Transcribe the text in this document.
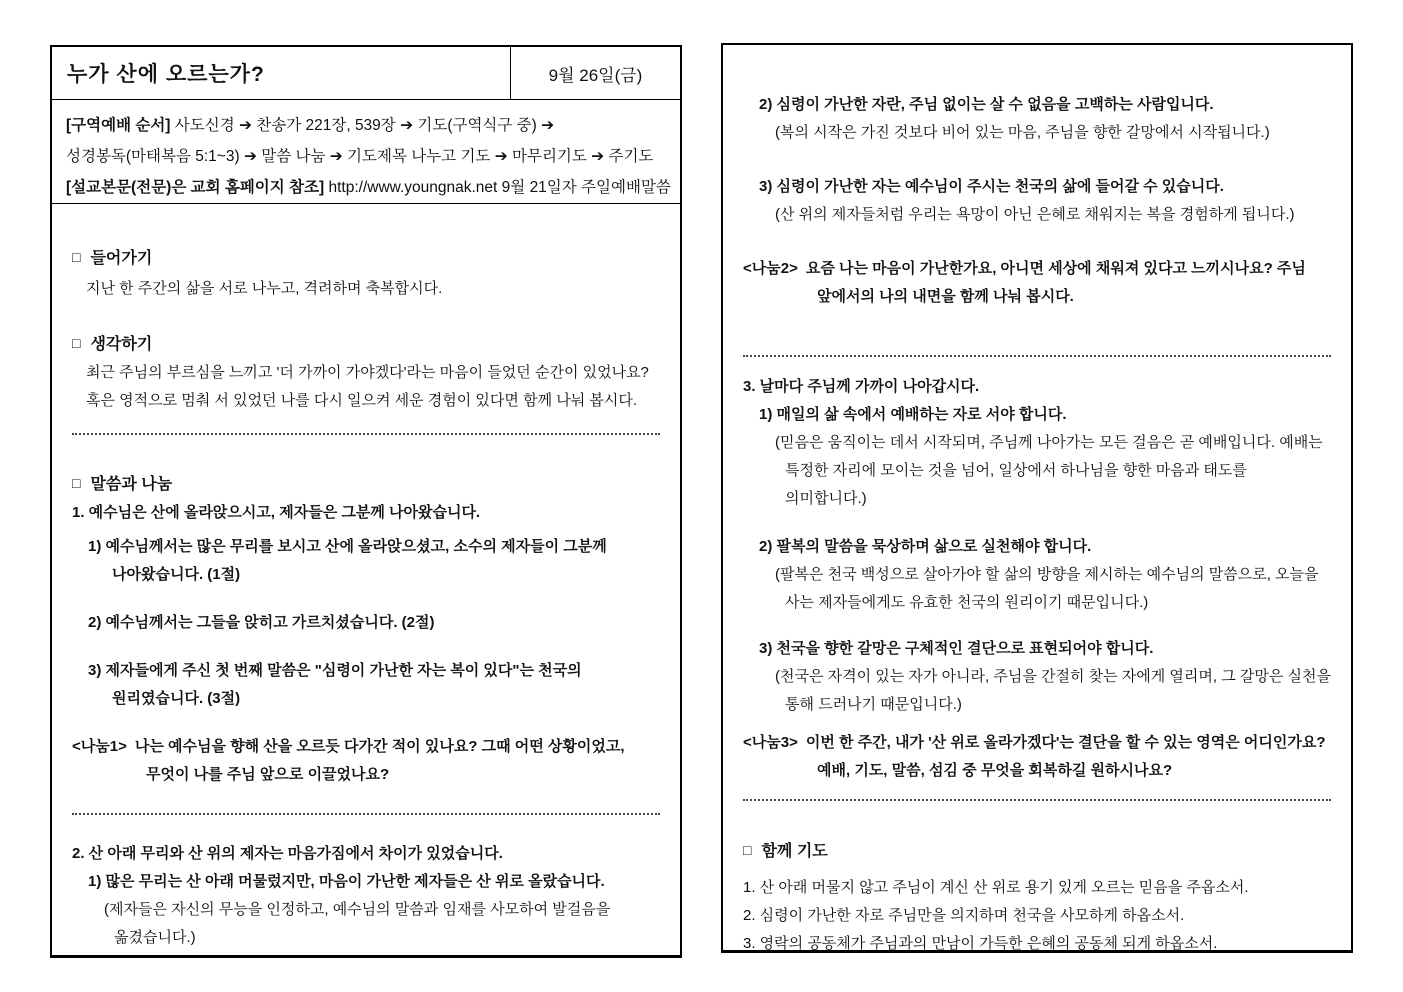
누가 산에 오르는가?	9월 26일(금)
[구역예배 순서] 사도신경 ➔ 찬송가 221장, 539장 ➔ 기도(구역식구 중) ➔
성경봉독(마태복음 5:1~3) ➔ 말씀 나눔 ➔ 기도제목 나누고 기도 ➔ 마무리기도 ➔ 주기도
[설교본문(전문)은 교회 홈페이지 참조] http://www.youngnak.net 9월 21일자 주일예배말씀
□ 들어가기
지난 한 주간의 삶을 서로 나누고, 격려하며 축복합시다.
□ 생각하기
최근 주님의 부르심을 느끼고 '더 가까이 가야겠다'라는 마음이 들었던 순간이 있었나요? 혹은 영적으로 멈춰 서 있었던 나를 다시 일으켜 세운 경험이 있다면 함께 나눠 봅시다.
□ 말씀과 나눔
1. 예수님은 산에 올라앉으시고, 제자들은 그분께 나아왔습니다.
1) 예수님께서는 많은 무리를 보시고 산에 올라앉으셨고, 소수의 제자들이 그분께 나아왔습니다. (1절)
2) 예수님께서는 그들을 앉히고 가르치셨습니다. (2절)
3) 제자들에게 주신 첫 번째 말씀은 "심령이 가난한 자는 복이 있다"는 천국의 원리였습니다. (3절)
<나눔1> 나는 예수님을 향해 산을 오르듯 다가간 적이 있나요? 그때 어떤 상황이었고, 무엇이 나를 주님 앞으로 이끌었나요?
2. 산 아래 무리와 산 위의 제자는 마음가짐에서 차이가 있었습니다.
1) 많은 무리는 산 아래 머물렀지만, 마음이 가난한 제자들은 산 위로 올랐습니다.
(제자들은 자신의 무능을 인정하고, 예수님의 말씀과 임재를 사모하여 발걸음을 옮겼습니다.)
2) 심령이 가난한 자란, 주님 없이는 살 수 없음을 고백하는 사람입니다.
(복의 시작은 가진 것보다 비어 있는 마음, 주님을 향한 갈망에서 시작됩니다.)
3) 심령이 가난한 자는 예수님이 주시는 천국의 삶에 들어갈 수 있습니다.
(산 위의 제자들처럼 우리는 욕망이 아닌 은혜로 채워지는 복을 경험하게 됩니다.)
<나눔2> 요즘 나는 마음이 가난한가요, 아니면 세상에 채워져 있다고 느끼시나요? 주님 앞에서의 나의 내면을 함께 나눠 봅시다.
3. 날마다 주님께 가까이 나아갑시다.
1) 매일의 삶 속에서 예배하는 자로 서야 합니다.
(믿음은 움직이는 데서 시작되며, 주님께 나아가는 모든 걸음은 곧 예배입니다. 예배는 특정한 자리에 모이는 것을 넘어, 일상에서 하나님을 향한 마음과 태도를 의미합니다.)
2) 팔복의 말씀을 묵상하며 삶으로 실천해야 합니다.
(팔복은 천국 백성으로 살아가야 할 삶의 방향을 제시하는 예수님의 말씀으로, 오늘을 사는 제자들에게도 유효한 천국의 원리이기 때문입니다.)
3) 천국을 향한 갈망은 구체적인 결단으로 표현되어야 합니다.
(천국은 자격이 있는 자가 아니라, 주님을 간절히 찾는 자에게 열리며, 그 갈망은 실천을 통해 드러나기 때문입니다.)
<나눔3> 이번 한 주간, 내가 '산 위로 올라가겠다'는 결단을 할 수 있는 영역은 어디인가요? 예배, 기도, 말씀, 섬김 중 무엇을 회복하길 원하시나요?
□ 함께 기도
1. 산 아래 머물지 않고 주님이 계신 산 위로 용기 있게 오르는 믿음을 주옵소서.
2. 심령이 가난한 자로 주님만을 의지하며 천국을 사모하게 하옵소서.
3. 영락의 공동체가 주님과의 만남이 가득한 은혜의 공동체 되게 하옵소서.
